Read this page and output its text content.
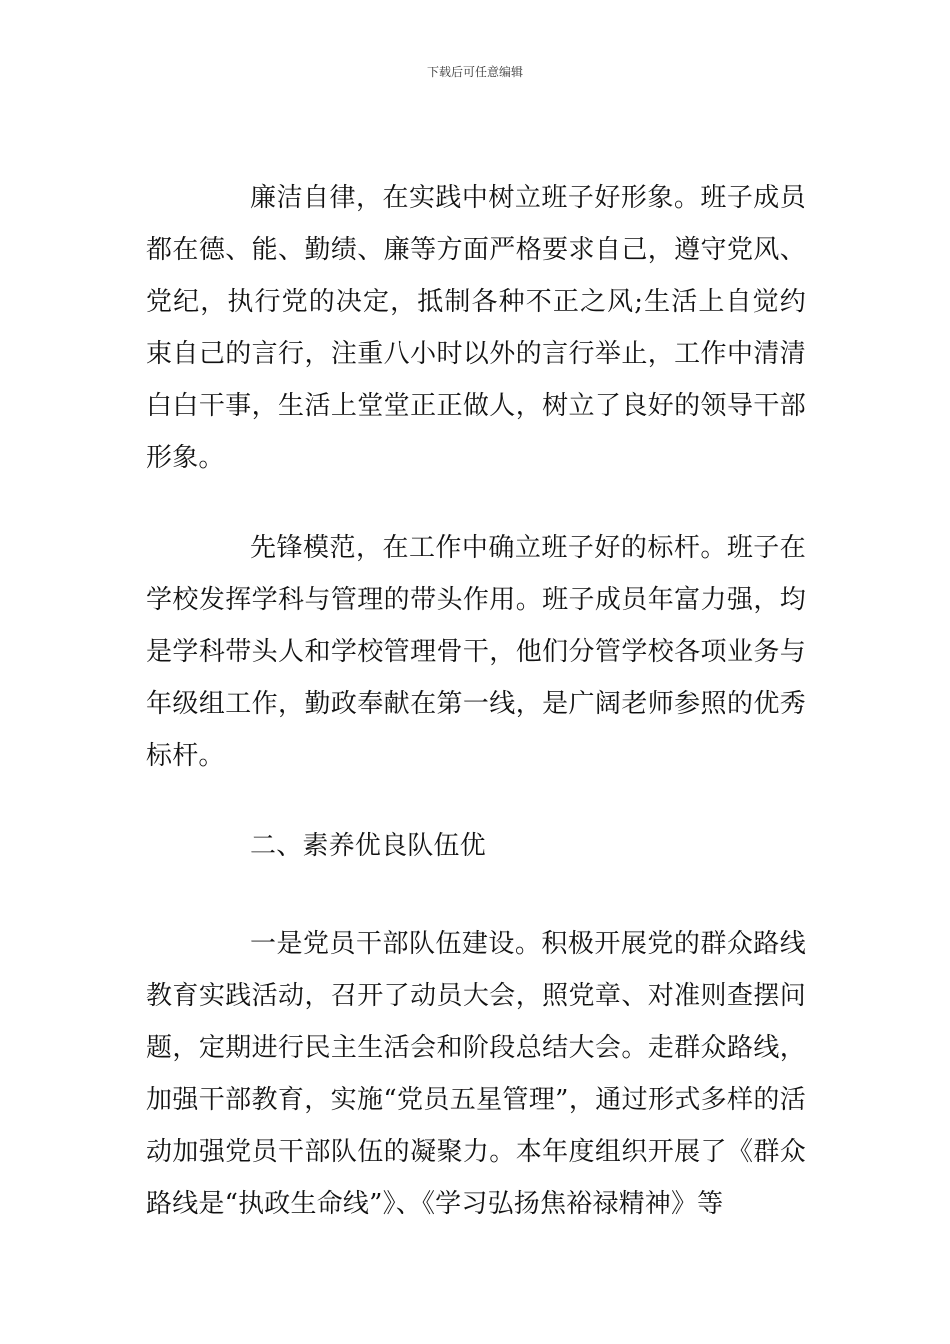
下载后可任意编辑

廉洁自律，在实践中树立班子好形象。班子成员都在德、能、勤绩、廉等方面严格要求自己，遵守党风、党纪，执行党的决定，抵制各种不正之风;生活上自觉约束自己的言行，注重八小时以外的言行举止，工作中清清白白干事，生活上堂堂正正做人，树立了良好的领导干部形象。

先锋模范，在工作中确立班子好的标杆。班子在学校发挥学科与管理的带头作用。班子成员年富力强，均是学科带头人和学校管理骨干，他们分管学校各项业务与年级组工作，勤政奉献在第一线，是广阔老师参照的优秀标杆。

二、素养优良队伍优

一是党员干部队伍建设。积极开展党的群众路线教育实践活动，召开了动员大会，照党章、对准则查摆问题，定期进行民主生活会和阶段总结大会。走群众路线，加强干部教育，实施“党员五星管理”，通过形式多样的活动加强党员干部队伍的凝聚力。本年度组织开展了《群众路线是“执政生命线”》、《学习弘扬焦裕禄精神》等
